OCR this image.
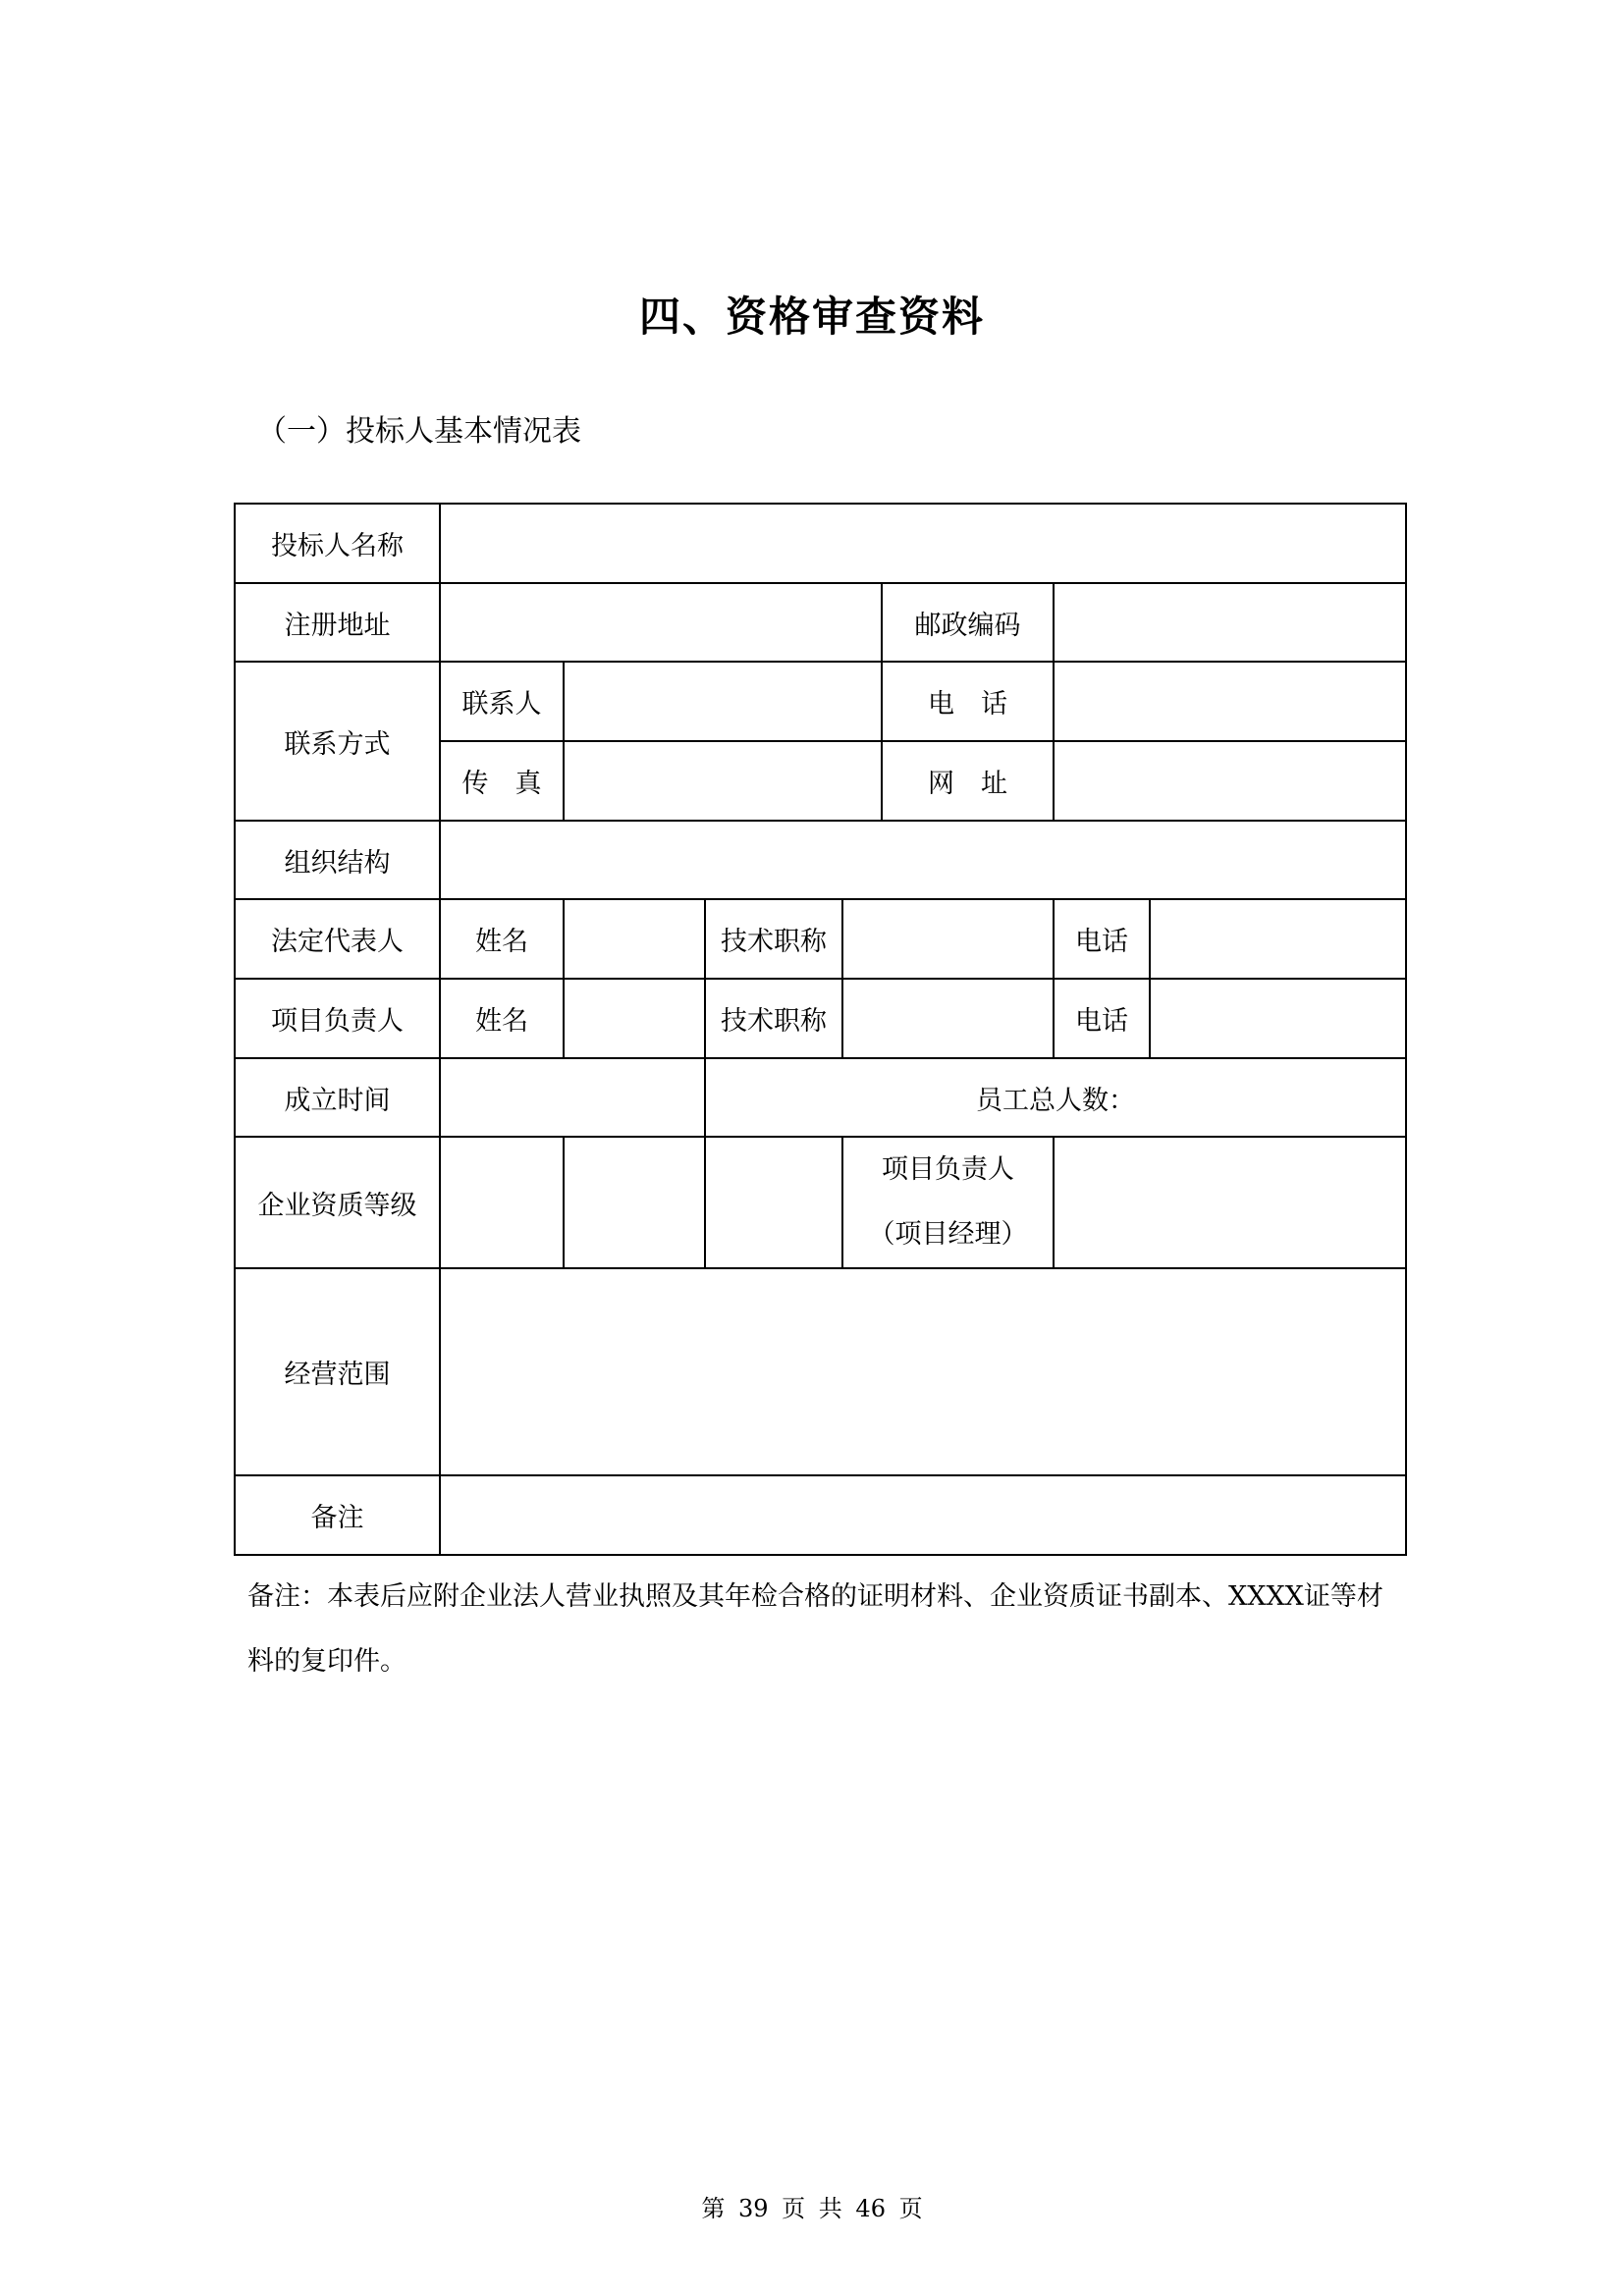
四、资格审查资料
（一）投标人基本情况表
投标人名称							
注册地址					邮政编码		
联系方式	联系人				电　话		
	传　真				网　址		
组织结构							
法定代表人	姓名		技术职称			电话	
项目负责人	姓名		技术职称			电话	
成立时间			员工总人数：				
企业资质等级				项目负责人
（项目经理）			

经营范围							
备注							
备注：本表后应附企业法人营业执照及其年检合格的证明材料、企业资质证书副本、XXXX证等材料的复印件。
第 39 页 共 46 页
